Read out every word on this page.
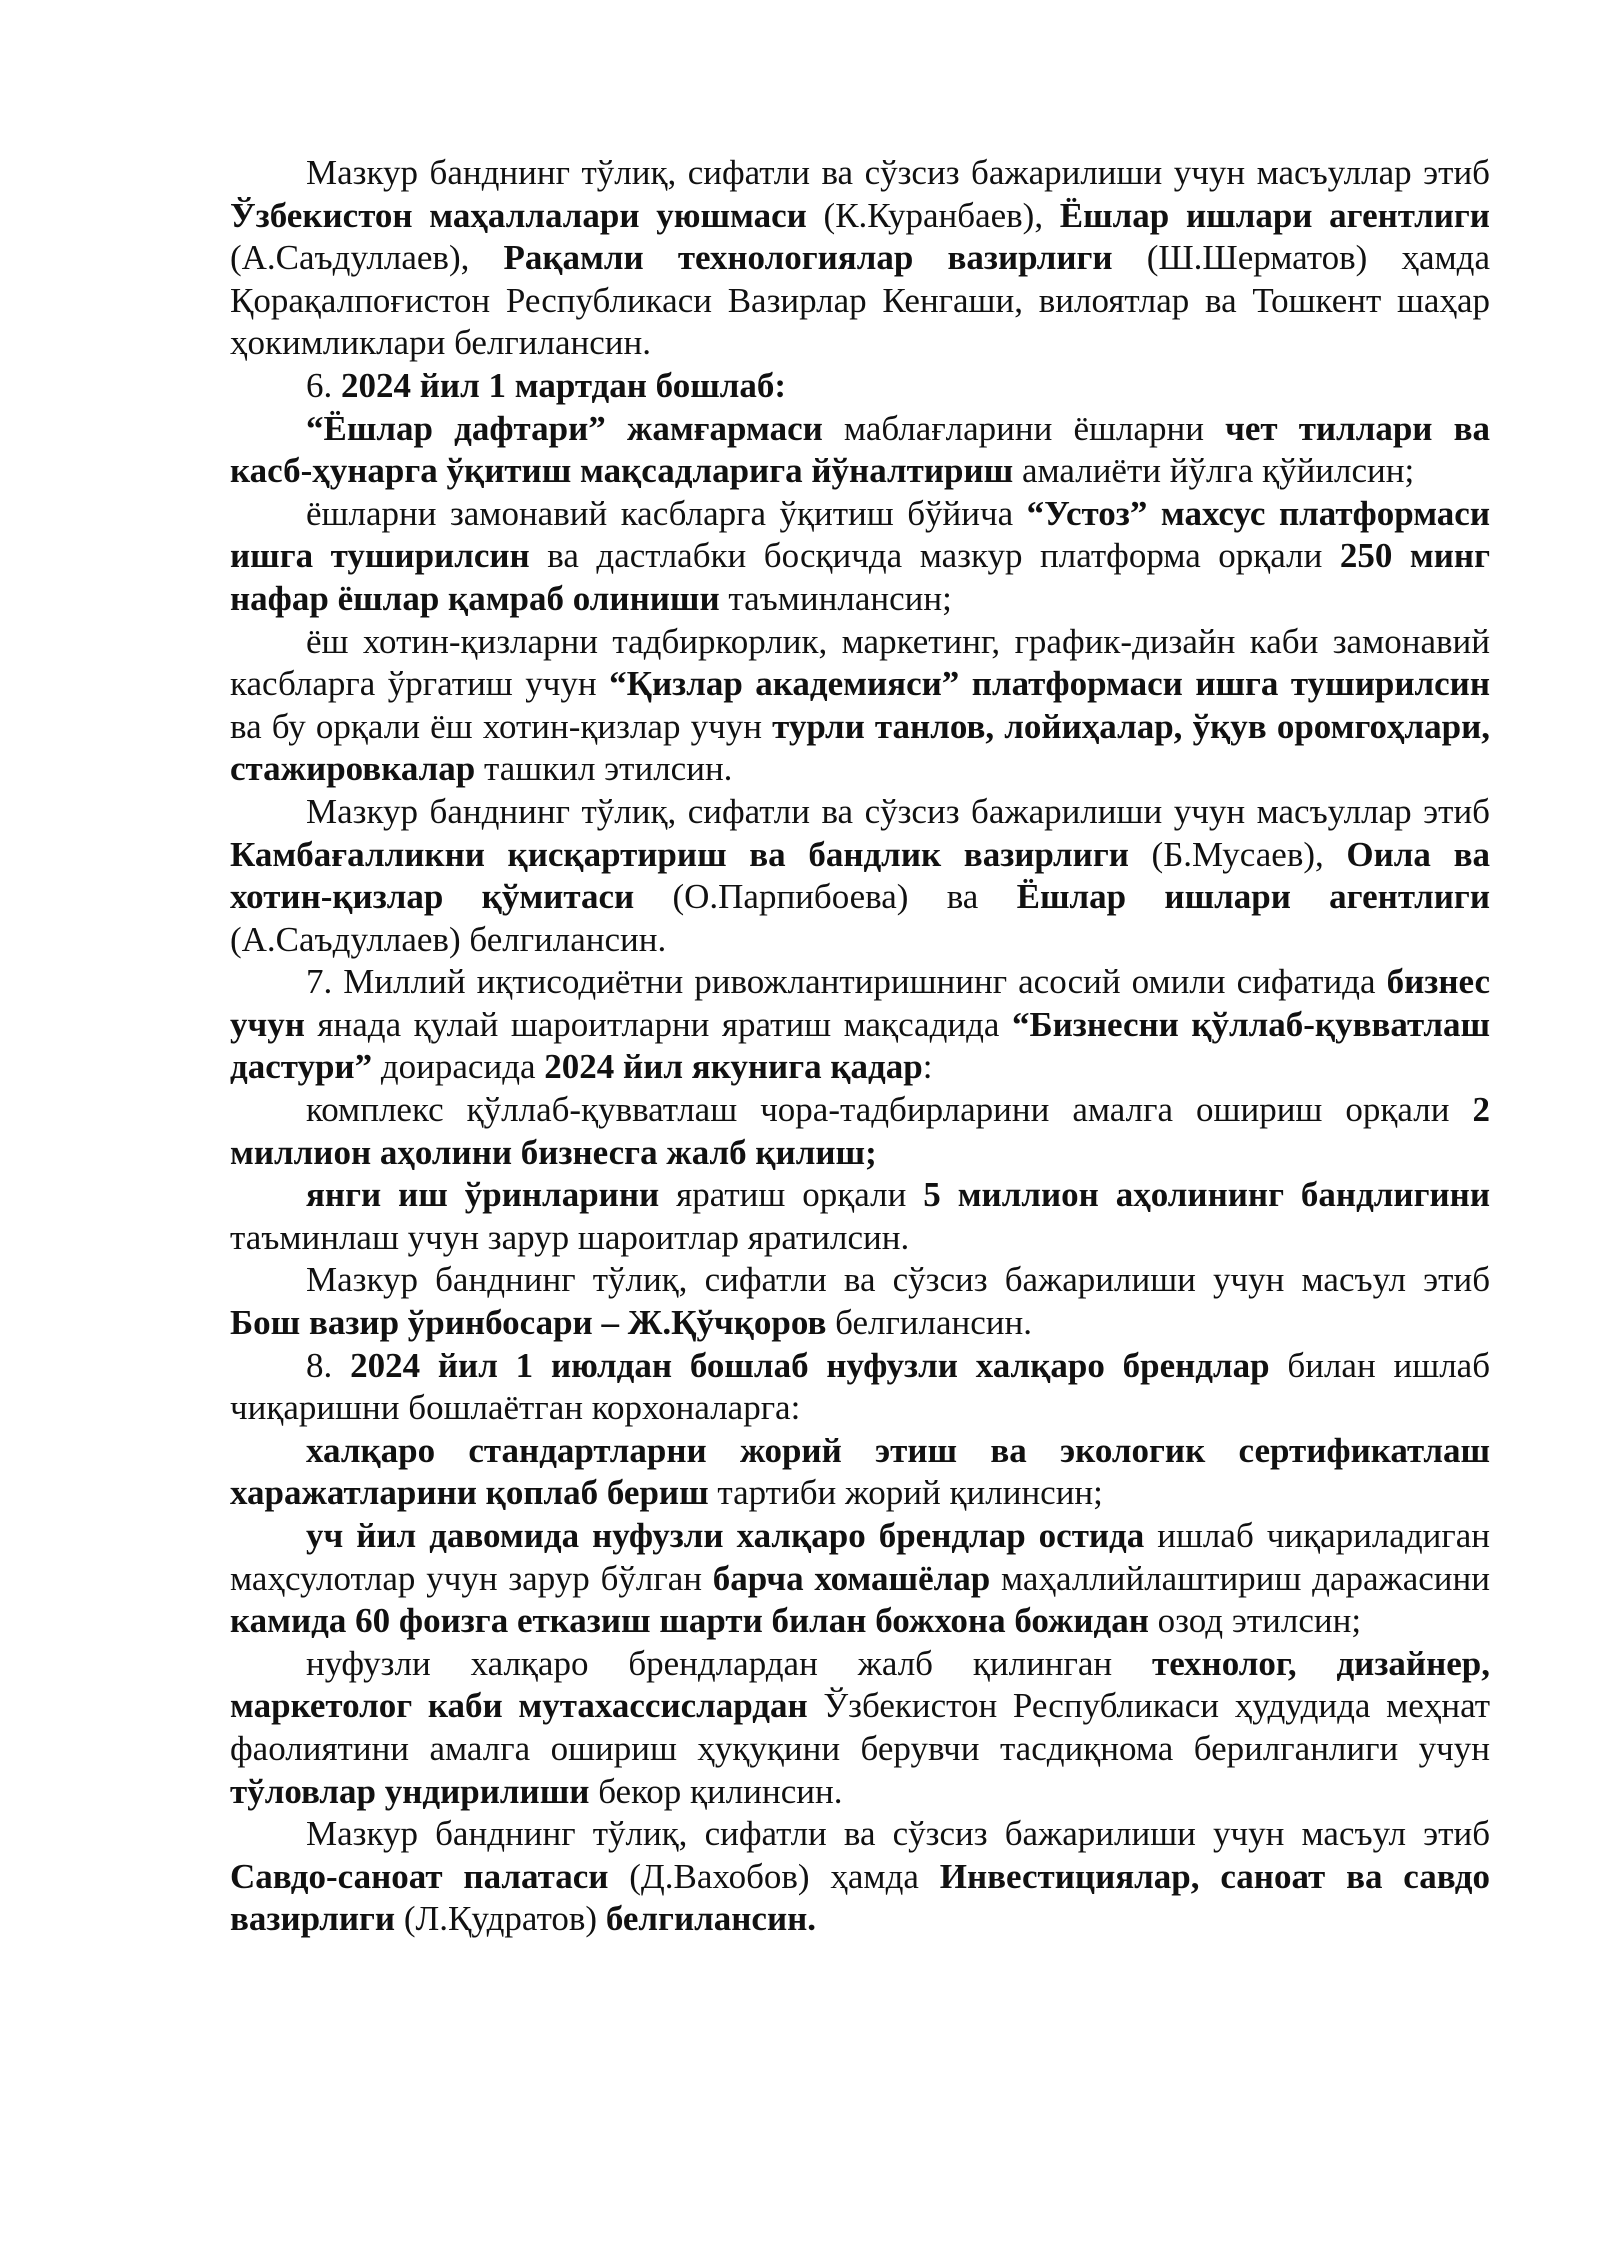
Мазкур банднинг тўлиқ, сифатли ва сўзсиз бажарилиши учун масъуллар этиб Ўзбекистон маҳаллалари уюшмаси (К.Куранбаев), Ёшлар ишлари агентлиги (А.Саъдуллаев), Рақамли технологиялар вазирлиги (Ш.Шерматов) ҳамда Қорақалпоғистон Республикаси Вазирлар Кенгаши, вилоятлар ва Тошкент шаҳар ҳокимликлари белгилансин.

6. 2024 йил 1 мартдан бошлаб:

“Ёшлар дафтари” жамғармаси маблағларини ёшларни чет тиллари ва касб-ҳунарга ўқитиш мақсадларига йўналтириш амалиёти йўлга қўйилсин;

ёшларни замонавий касбларга ўқитиш бўйича “Устоз” махсус платформаси ишга туширилсин ва дастлабки босқичда мазкур платформа орқали 250 минг нафар ёшлар қамраб олиниши таъминлансин;

ёш хотин-қизларни тадбиркорлик, маркетинг, график-дизайн каби замонавий касбларга ўргатиш учун “Қизлар академияси” платформаси ишга туширилсин ва бу орқали ёш хотин-қизлар учун турли танлов, лойиҳалар, ўқув оромгоҳлари, стажировкалар ташкил этилсин.

Мазкур банднинг тўлиқ, сифатли ва сўзсиз бажарилиши учун масъуллар этиб Камбағалликни қисқартириш ва бандлик вазирлиги (Б.Мусаев), Оила ва хотин-қизлар қўмитаси (О.Парпибоева) ва Ёшлар ишлари агентлиги (А.Саъдуллаев) белгилансин.

7. Миллий иқтисодиётни ривожлантиришнинг асосий омили сифатида бизнес учун янада қулай шароитларни яратиш мақсадида “Бизнесни қўллаб-қувватлаш дастури” доирасида 2024 йил якунига қадар:

комплекс қўллаб-қувватлаш чора-тадбирларини амалга ошириш орқали 2 миллион аҳолини бизнесга жалб қилиш;

янги иш ўринларини яратиш орқали 5 миллион аҳолининг бандлигини таъминлаш учун зарур шароитлар яратилсин.

Мазкур банднинг тўлиқ, сифатли ва сўзсиз бажарилиши учун масъул этиб Бош вазир ўринбосари – Ж.Қўчқоров белгилансин.

8. 2024 йил 1 июлдан бошлаб нуфузли халқаро брендлар билан ишлаб чиқаришни бошлаётган корхоналарга:

халқаро стандартларни жорий этиш ва экологик сертификатлаш харажатларини қоплаб бериш тартиби жорий қилинсин;

уч йил давомида нуфузли халқаро брендлар остида ишлаб чиқариладиган маҳсулотлар учун зарур бўлган барча хомашёлар маҳаллийлаштириш даражасини камида 60 фоизга етказиш шарти билан божхона божидан озод этилсин;

нуфузли халқаро брендлардан жалб қилинган технолог, дизайнер, маркетолог каби мутахассислардан Ўзбекистон Республикаси ҳудудида меҳнат фаолиятини амалга ошириш ҳуқуқини берувчи тасдиқнома берилганлиги учун тўловлар ундирилиши бекор қилинсин.

Мазкур банднинг тўлиқ, сифатли ва сўзсиз бажарилиши учун масъул этиб Савдо-саноат палатаси (Д.Вахобов) ҳамда Инвестициялар, саноат ва савдо вазирлиги (Л.Қудратов) белгилансин.
